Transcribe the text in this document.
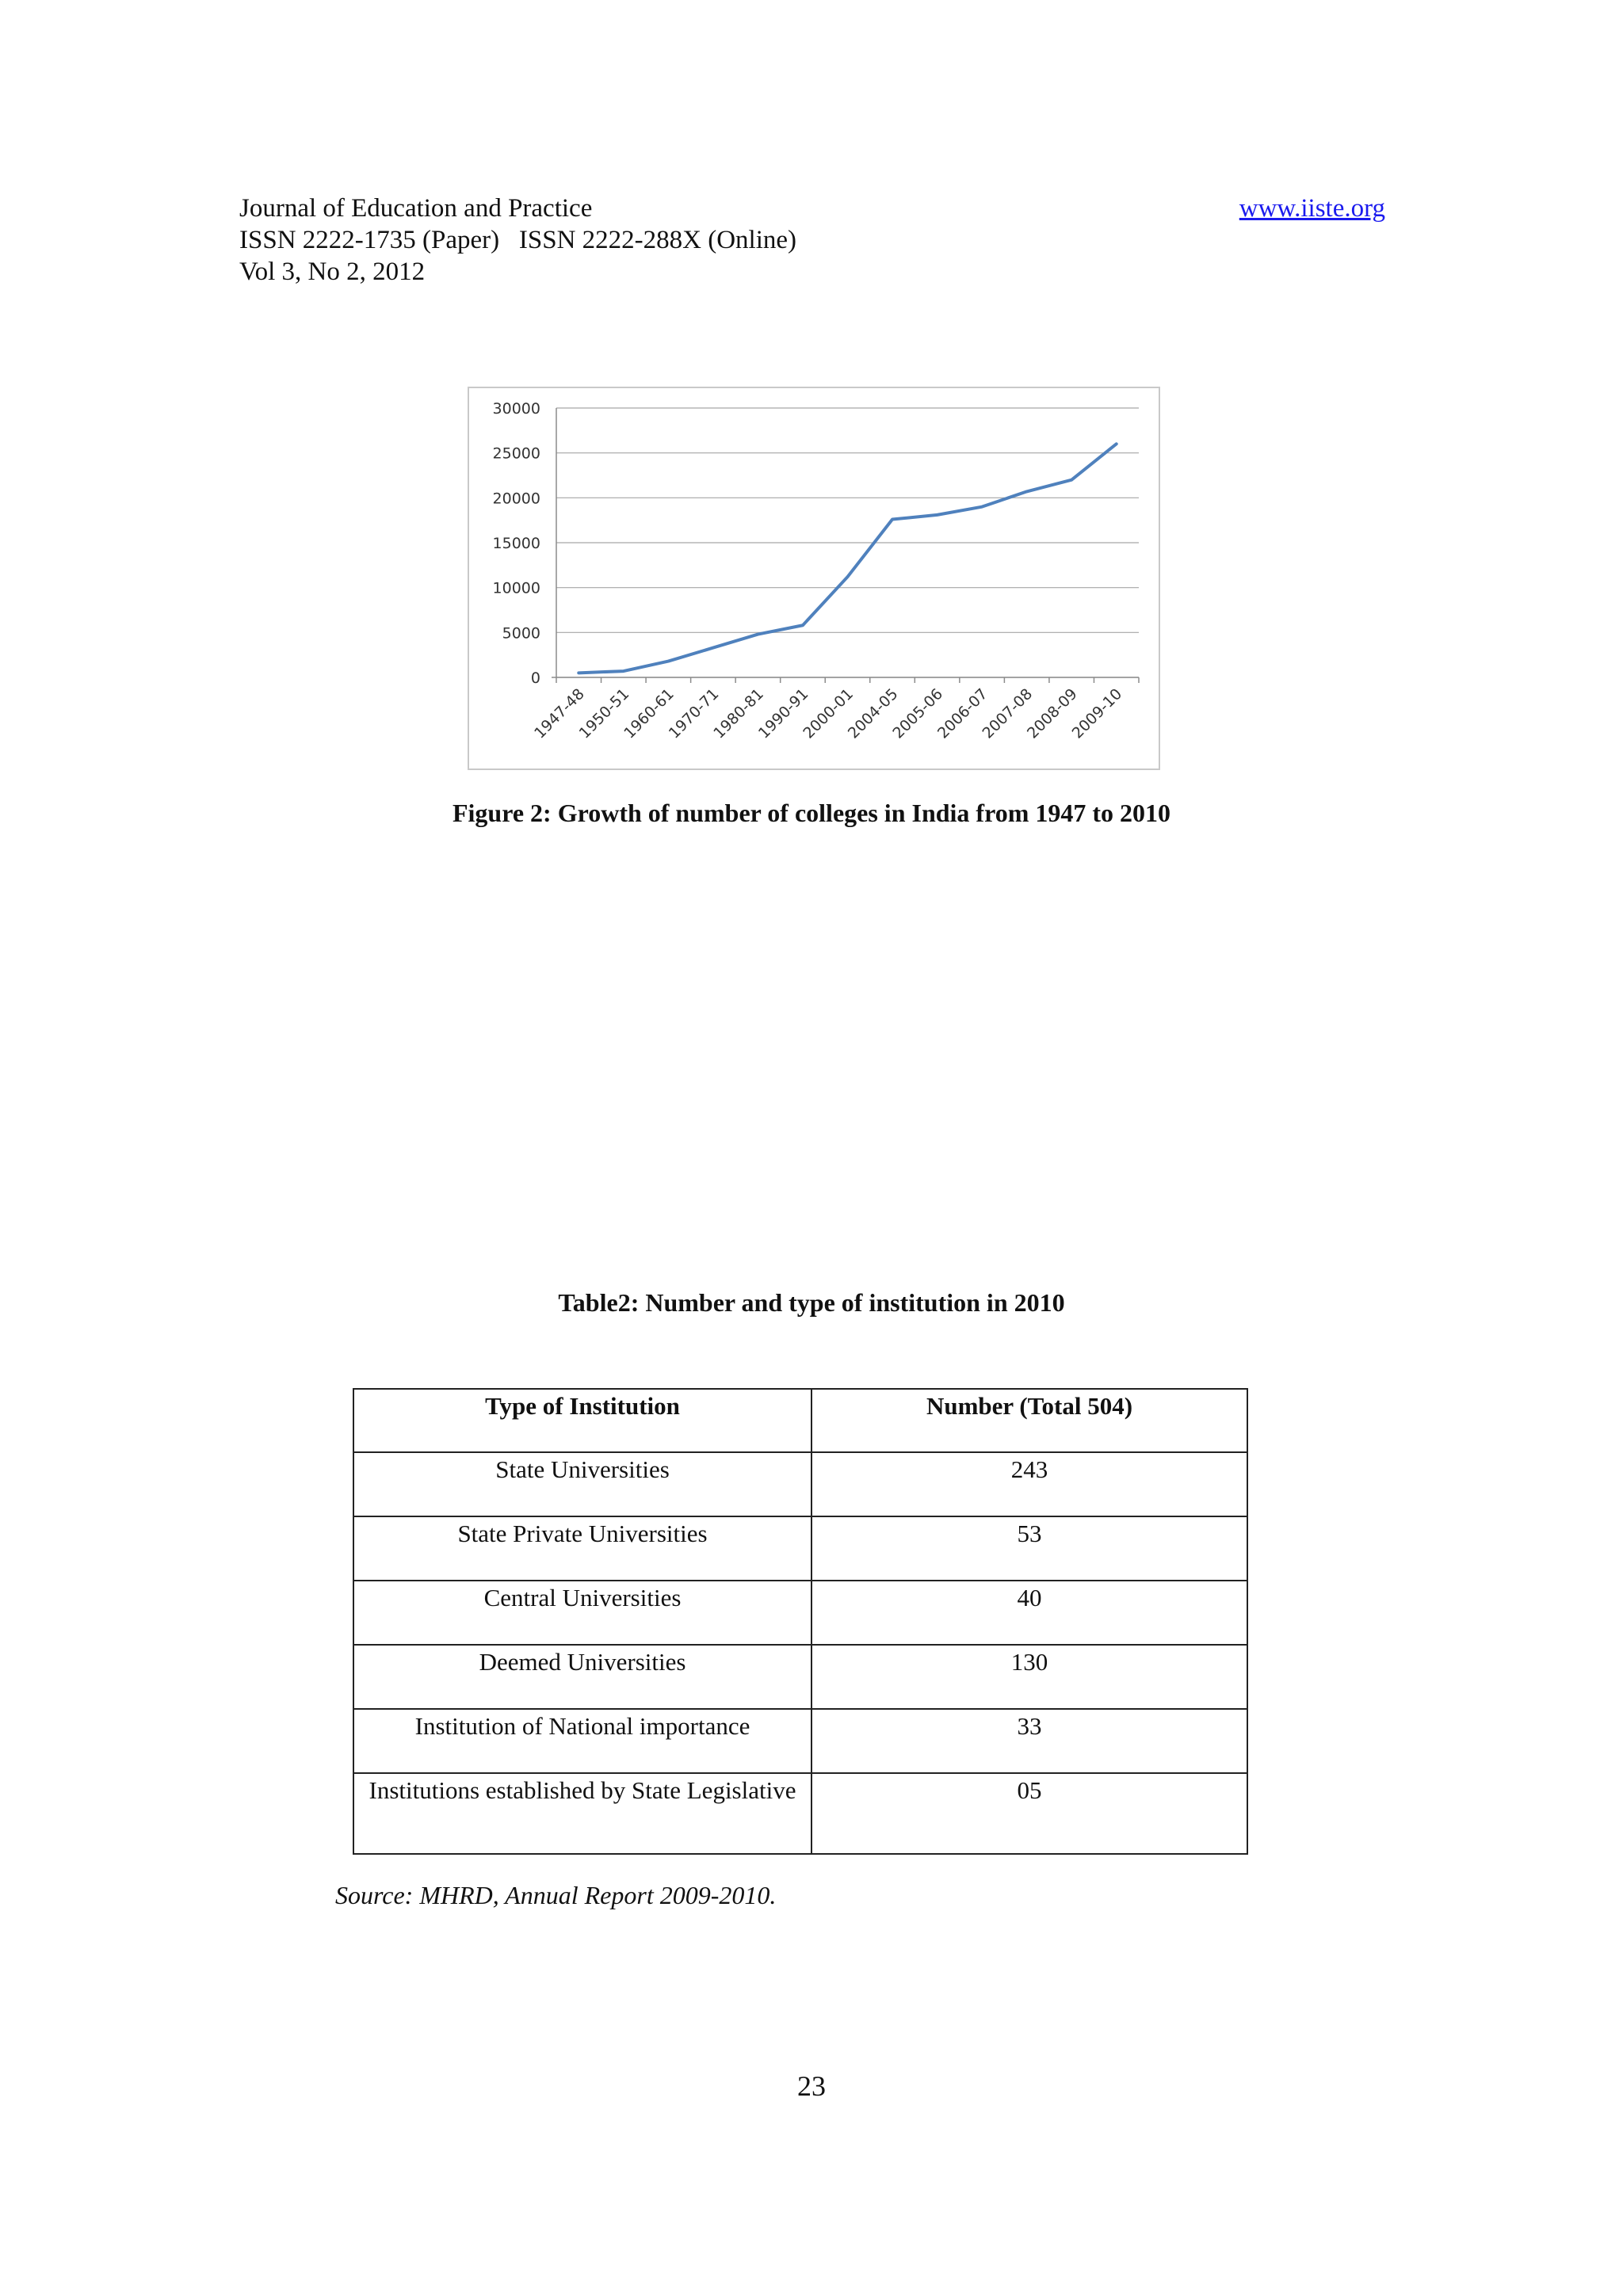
Journal of Education and Practice
ISSN 2222-1735 (Paper)   ISSN 2222-288X (Online)
Vol 3, No 2, 2012
www.iiste.org
0
5000
10000
15000
20000
25000
30000
1947-48
1950-51
1960-61
1970-71
1980-81
1990-91
2000-01
2004-05
2005-06
2006-07
2007-08
2008-09
2009-10
Figure 2: Growth of number of colleges in India from 1947 to 2010
Table2: Number and type of institution in 2010
Type of Institution	Number (Total 504)
State Universities	243
State Private Universities	53
Central Universities	40
Deemed Universities	130
Institution of National importance	33
Institutions established by State Legislative	05
Source: MHRD, Annual Report 2009-2010.
23
